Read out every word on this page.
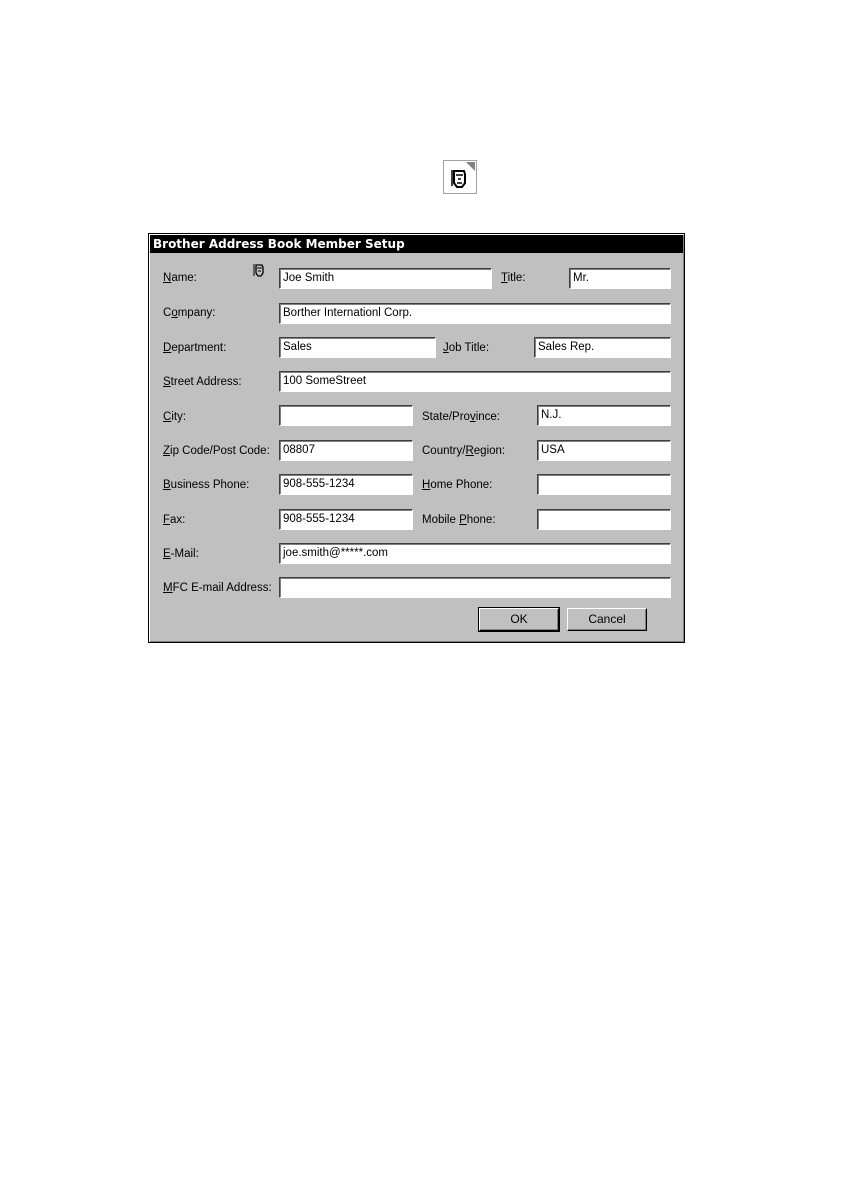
Brother Address Book Member Setup
Name:	Joe Smith	Title:	Mr.
Company:	Borther Internationl Corp.
Department:	Sales	Job Title:	Sales Rep.
Street Address:	100 SomeStreet
City:	State/Province:	N.J.
Zip Code/Post Code:	08807	Country/Region:	USA
Business Phone:	908-555-1234	Home Phone:
Fax:	908-555-1234	Mobile Phone:
E-Mail:	joe.smith@*****.com
MFC E-mail Address:
OK	Cancel
